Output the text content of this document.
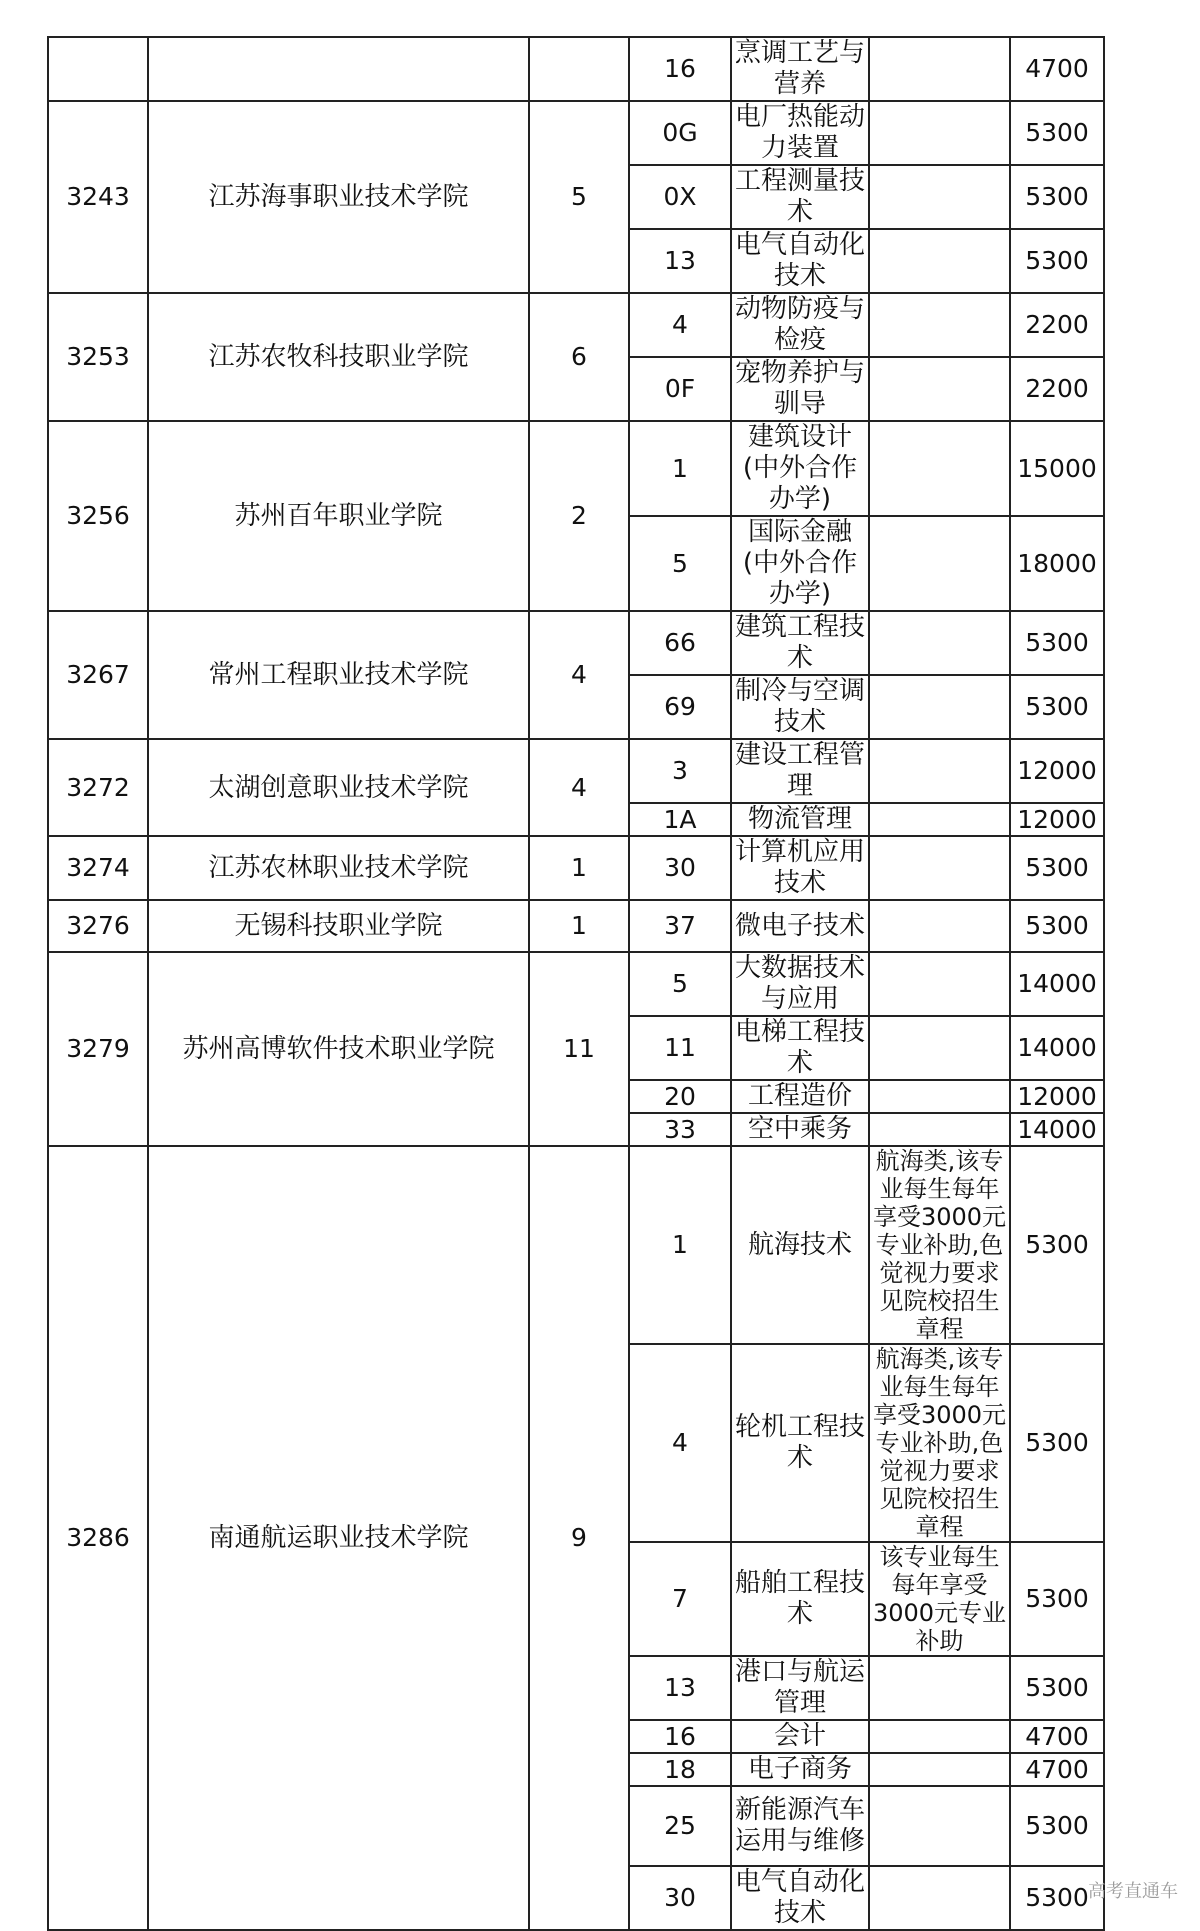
			16	烹调工艺与营养		4700
3243	江苏海事职业技术学院	5	0G	电厂热能动力装置		5300
			0X	工程测量技术		5300
			13	电气自动化技术		5300
3253	江苏农牧科技职业学院	6	4	动物防疫与检疫		2200
			0F	宠物养护与驯导		2200
3256	苏州百年职业学院	2	1	建筑设计(中外合作办学)		15000
			5	国际金融(中外合作办学)		18000
3267	常州工程职业技术学院	4	66	建筑工程技术		5300
			69	制冷与空调技术		5300
3272	太湖创意职业技术学院	4	3	建设工程管理		12000
			1A	物流管理		12000
3274	江苏农林职业技术学院	1	30	计算机应用技术		5300
3276	无锡科技职业学院	1	37	微电子技术		5300
3279	苏州高博软件技术职业学院	11	5	大数据技术与应用		14000
			11	电梯工程技术		14000
			20	工程造价		12000
			33	空中乘务		14000
3286	南通航运职业技术学院	9	1	航海技术	航海类,该专业每生每年享受3000元专业补助,色觉视力要求见院校招生章程	5300
			4	轮机工程技术	航海类,该专业每生每年享受3000元专业补助,色觉视力要求见院校招生章程	5300
			7	船舶工程技术	该专业每生每年享受3000元专业补助	5300
			13	港口与航运管理		5300
			16	会计		4700
			18	电子商务		4700
			25	新能源汽车运用与维修		5300
			30	电气自动化技术		5300 高考直通车
